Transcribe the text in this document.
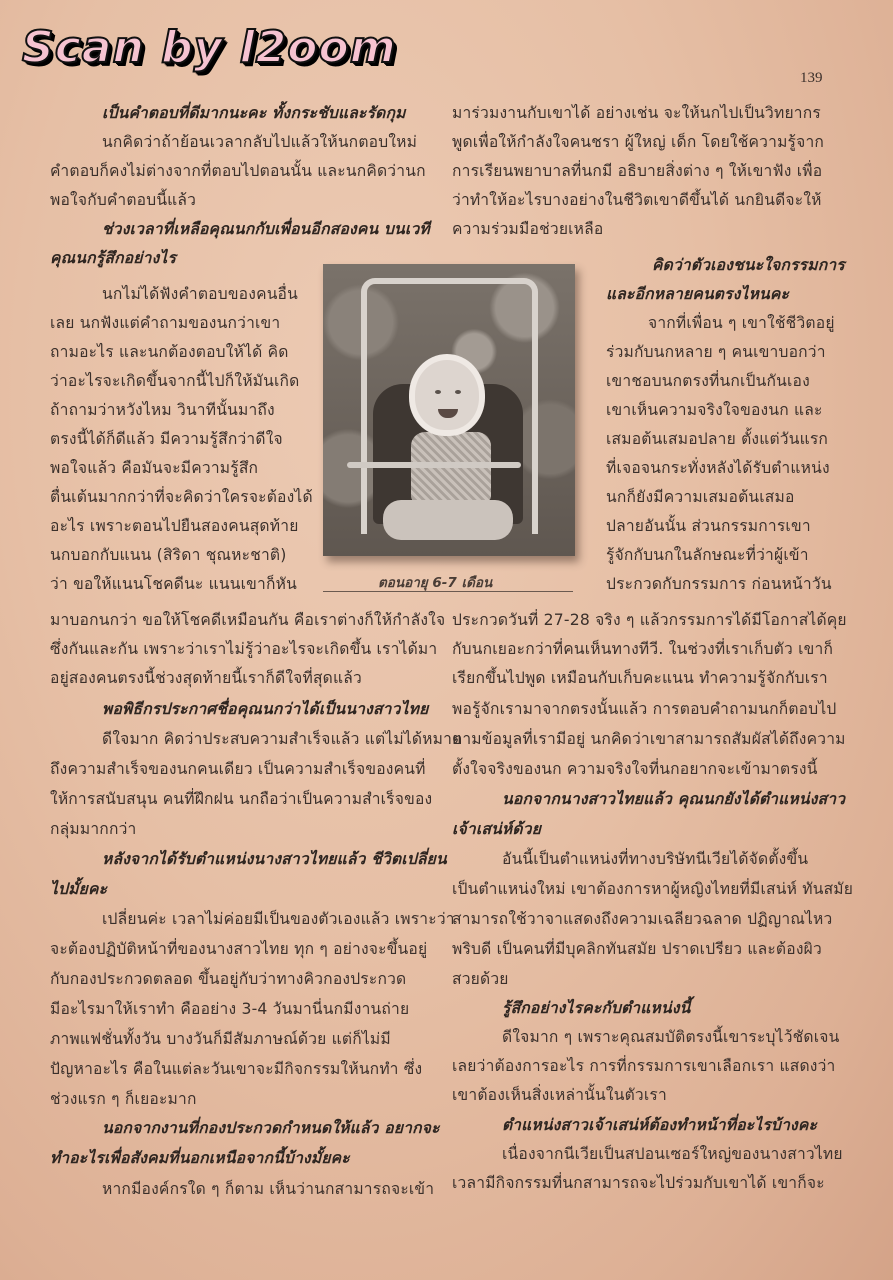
Scan by l2oom
139
ตอนอายุ 6-7 เดือน
เป็นคำตอบที่ดีมากนะคะ ทั้งกระชับและรัดกุม
นกคิดว่าถ้าย้อนเวลากลับไปแล้วให้นกตอบใหม่
คำตอบก็คงไม่ต่างจากที่ตอบไปตอนนั้น และนกคิดว่านก
พอใจกับคำตอบนี้แล้ว
ช่วงเวลาที่เหลือคุณนกกับเพื่อนอีกสองคน บนเวที
คุณนกรู้สึกอย่างไร
นกไม่ได้ฟังคำตอบของคนอื่น
เลย นกฟังแต่คำถามของนกว่าเขา
ถามอะไร และนกต้องตอบให้ได้ คิด
ว่าอะไรจะเกิดขึ้นจากนี้ไปก็ให้มันเกิด
ถ้าถามว่าหวังไหม วินาทีนั้นมาถึง
ตรงนี้ได้ก็ดีแล้ว มีความรู้สึกว่าดีใจ
พอใจแล้ว คือมันจะมีความรู้สึก
ตื่นเต้นมากกว่าที่จะคิดว่าใครจะต้องได้
อะไร เพราะตอนไปยืนสองคนสุดท้าย
นกบอกกับแนน (สิริดา ชุณหะชาติ)
ว่า ขอให้แนนโชคดีนะ แนนเขาก็หัน
มาบอกนกว่า ขอให้โชคดีเหมือนกัน คือเราต่างก็ให้กำลังใจ
ซึ่งกันและกัน เพราะว่าเราไม่รู้ว่าอะไรจะเกิดขึ้น เราได้มา
อยู่สองคนตรงนี้ช่วงสุดท้ายนี้เราก็ดีใจที่สุดแล้ว
พอพิธีกรประกาศชื่อคุณนกว่าได้เป็นนางสาวไทย
ดีใจมาก คิดว่าประสบความสำเร็จแล้ว แต่ไม่ได้หมาย
ถึงความสำเร็จของนกคนเดียว เป็นความสำเร็จของคนที่
ให้การสนับสนุน คนที่ฝึกฝน นกถือว่าเป็นความสำเร็จของ
กลุ่มมากกว่า
หลังจากได้รับตำแหน่งนางสาวไทยแล้ว ชีวิตเปลี่ยน
ไปมั้ยคะ
เปลี่ยนค่ะ เวลาไม่ค่อยมีเป็นของตัวเองแล้ว เพราะว่า
จะต้องปฏิบัติหน้าที่ของนางสาวไทย ทุก ๆ อย่างจะขึ้นอยู่
กับกองประกวดตลอด ขึ้นอยู่กับว่าทางคิวกองประกวด
มีอะไรมาให้เราทำ คืออย่าง 3-4 วันมานี่นกมีงานถ่าย
ภาพแฟชั่นทั้งวัน บางวันก็มีสัมภาษณ์ด้วย แต่ก็ไม่มี
ปัญหาอะไร คือในแต่ละวันเขาจะมีกิจกรรมให้นกทำ ซึ่ง
ช่วงแรก ๆ ก็เยอะมาก
นอกจากงานที่กองประกวดกำหนดให้แล้ว อยากจะ
ทำอะไรเพื่อสังคมที่นอกเหนือจากนี้บ้างมั้ยคะ
หากมีองค์กรใด ๆ ก็ตาม เห็นว่านกสามารถจะเข้า
มาร่วมงานกับเขาได้ อย่างเช่น จะให้นกไปเป็นวิทยากร
พูดเพื่อให้กำลังใจคนชรา ผู้ใหญ่ เด็ก โดยใช้ความรู้จาก
การเรียนพยาบาลที่นกมี อธิบายสิ่งต่าง ๆ ให้เขาฟัง เพื่อ
ว่าทำให้อะไรบางอย่างในชีวิตเขาดีขึ้นได้ นกยินดีจะให้
ความร่วมมือช่วยเหลือ
คิดว่าตัวเองชนะใจกรรมการ
และอีกหลายคนตรงไหนคะ
จากที่เพื่อน ๆ เขาใช้ชีวิตอยู่
ร่วมกับนกหลาย ๆ คนเขาบอกว่า
เขาชอบนกตรงที่นกเป็นกันเอง
เขาเห็นความจริงใจของนก และ
เสมอต้นเสมอปลาย ตั้งแต่วันแรก
ที่เจอจนกระทั่งหลังได้รับตำแหน่ง
นกก็ยังมีความเสมอต้นเสมอ
ปลายอันนั้น ส่วนกรรมการเขา
รู้จักกับนกในลักษณะที่ว่าผู้เข้า
ประกวดกับกรรมการ ก่อนหน้าวัน
ประกวดวันที่ 27-28 จริง ๆ แล้วกรรมการได้มีโอกาสได้คุย
กับนกเยอะกว่าที่คนเห็นทางทีวี. ในช่วงที่เราเก็บตัว เขาก็
เรียกขึ้นไปพูด เหมือนกับเก็บคะแนน ทำความรู้จักกับเรา
พอรู้จักเรามาจากตรงนั้นแล้ว การตอบคำถามนกก็ตอบไป
ตามข้อมูลที่เรามีอยู่ นกคิดว่าเขาสามารถสัมผัสได้ถึงความ
ตั้งใจจริงของนก ความจริงใจที่นกอยากจะเข้ามาตรงนี้
นอกจากนางสาวไทยแล้ว คุณนกยังได้ตำแหน่งสาว
เจ้าเสน่ห์ด้วย
อันนี้เป็นตำแหน่งที่ทางบริษัทนีเวียได้จัดตั้งขึ้น
เป็นตำแหน่งใหม่ เขาต้องการหาผู้หญิงไทยที่มีเสน่ห์ ทันสมัย
สามารถใช้วาจาแสดงถึงความเฉลียวฉลาด ปฏิญาณไหว
พริบดี เป็นคนที่มีบุคลิกทันสมัย ปราดเปรียว และต้องผิว
สวยด้วย
รู้สึกอย่างไรคะกับตำแหน่งนี้
ดีใจมาก ๆ เพราะคุณสมบัติตรงนี้เขาระบุไว้ชัดเจน
เลยว่าต้องการอะไร การที่กรรมการเขาเลือกเรา แสดงว่า
เขาต้องเห็นสิ่งเหล่านั้นในตัวเรา
ตำแหน่งสาวเจ้าเสน่ห์ต้องทำหน้าที่อะไรบ้างคะ
เนื่องจากนีเวียเป็นสปอนเซอร์ใหญ่ของนางสาวไทย
เวลามีกิจกรรมที่นกสามารถจะไปร่วมกับเขาได้ เขาก็จะ
